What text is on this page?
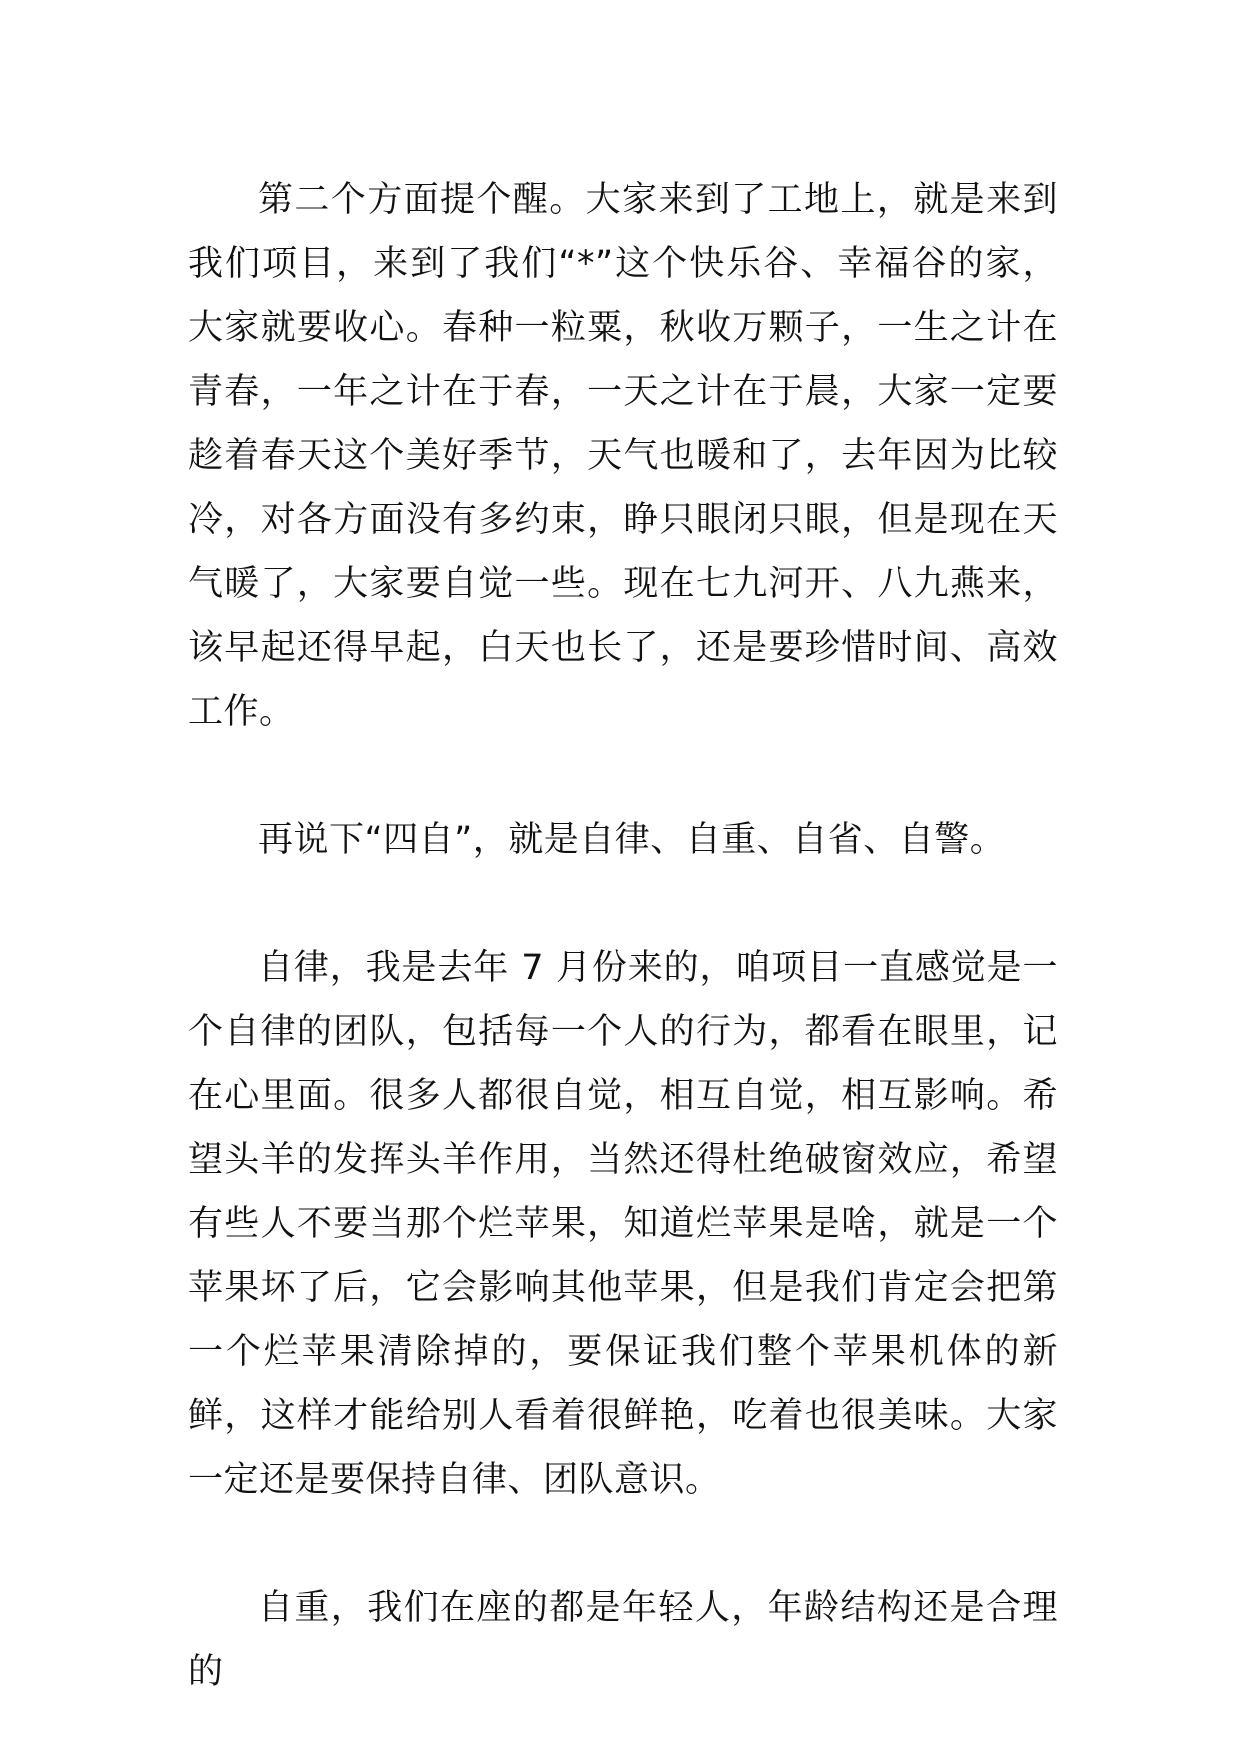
第二个方面提个醒。大家来到了工地上，就是来到我们项目，来到了我们“*”这个快乐谷、幸福谷的家，大家就要收心。春种一粒粟，秋收万颗子，一生之计在青春，一年之计在于春，一天之计在于晨，大家一定要趁着春天这个美好季节，天气也暖和了，去年因为比较冷，对各方面没有多约束，睁只眼闭只眼，但是现在天气暖了，大家要自觉一些。现在七九河开、八九燕来，该早起还得早起，白天也长了，还是要珍惜时间、高效工作。

再说下“四自”，就是自律、自重、自省、自警。

自律，我是去年 7 月份来的，咱项目一直感觉是一个自律的团队，包括每一个人的行为，都看在眼里，记在心里面。很多人都很自觉，相互自觉，相互影响。希望头羊的发挥头羊作用，当然还得杜绝破窗效应，希望有些人不要当那个烂苹果，知道烂苹果是啥，就是一个苹果坏了后，它会影响其他苹果，但是我们肯定会把第一个烂苹果清除掉的，要保证我们整个苹果机体的新鲜，这样才能给别人看着很鲜艳，吃着也很美味。大家一定还是要保持自律、团队意识。

自重，我们在座的都是年轻人，年龄结构还是合理的
